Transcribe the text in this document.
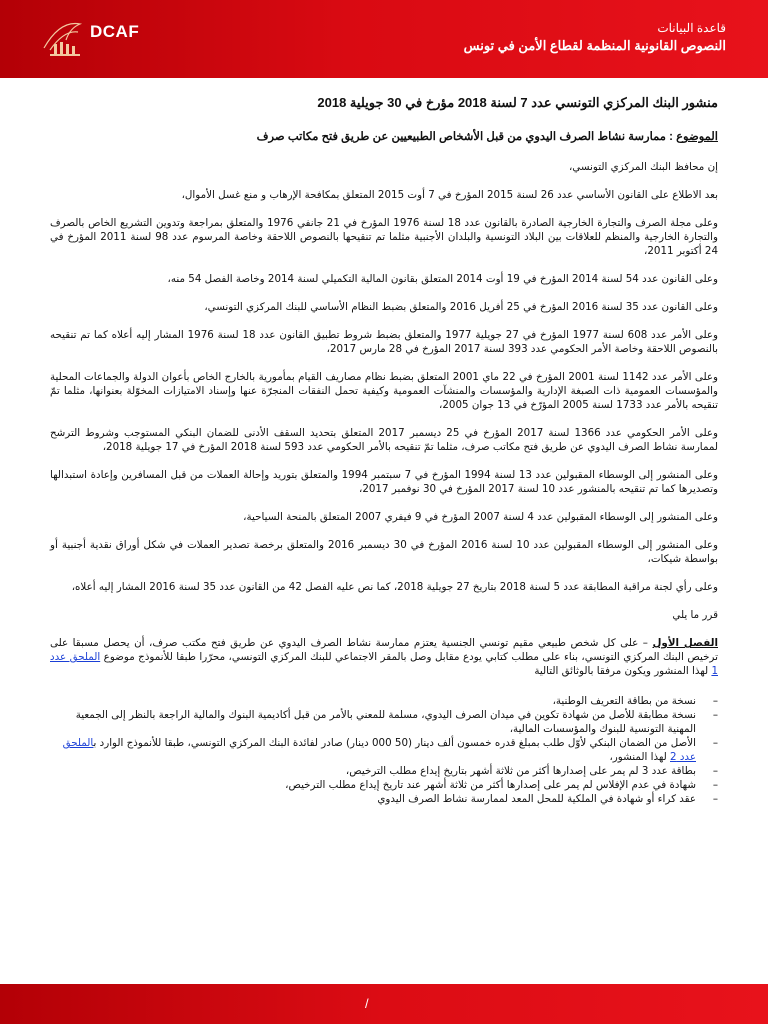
DCAF	قاعدة البيانات
النصوص القانونية المنظمة لقطاع الأمن في تونس
منشور البنك المركزي التونسي عدد 7 لسنة 2018 مؤرخ في 30 جويلية 2018
الموضوع : ممارسة نشاط الصرف اليدوي من قبل الأشخاص الطبيعيين عن طريق فتح مكاتب صرف

إن محافظ البنك المركزي التونسي،

بعد الاطلاع على القانون الأساسي عدد 26 لسنة 2015 المؤرخ في 7 أوت 2015 المتعلق بمكافحة الإرهاب و منع غسل الأموال،

وعلى مجلة الصرف والتجارة الخارجية الصادرة بالقانون عدد 18 لسنة 1976 المؤرخ في 21 جانفي 1976 والمتعلق بمراجعة وتدوين التشريع الخاص بالصرف والتجارة الخارجية والمنظم للعلاقات بين البلاد التونسية والبلدان الأجنبية مثلما تم تنقيحها بالنصوص اللاحقة وخاصة المرسوم عدد 98 لسنة 2011 المؤرخ في 24 أكتوبر 2011،

وعلى القانون عدد 54 لسنة 2014 المؤرخ في 19 أوت 2014 المتعلق بقانون المالية التكميلي لسنة 2014 وخاصة الفصل 54 منه،

وعلى القانون عدد 35 لسنة 2016 المؤرخ في 25 أفريل 2016 والمتعلق بضبط النظام الأساسي للبنك المركزي التونسي،

وعلى الأمر عدد 608 لسنة 1977 المؤرخ في 27 جويلية 1977 والمتعلق بضبط شروط تطبيق القانون عدد 18 لسنة 1976 المشار إليه أعلاه كما تم تنقيحه بالنصوص اللاحقة وخاصة الأمر الحكومي عدد 393 لسنة 2017 المؤرخ في 28 مارس 2017،

وعلى الأمر عدد 1142 لسنة 2001 المؤرخ في 22 ماي 2001 المتعلق بضبط نظام مصاريف القيام بمأمورية بالخارج الخاص بأعوان الدولة والجماعات المحلية والمؤسسات العمومية ذات الصبغة الإدارية والمؤسسات والمنشآت العمومية وكيفية تحمل النفقات المنجرّة عنها وإسناد الامتيازات المخوّلة بعنوانها، مثلما تمّ تنقيحه بالأمر عدد 1733 لسنة 2005 المؤرّخ في 13 جوان 2005،

وعلى الأمر الحكومي عدد 1366 لسنة 2017 المؤرخ في 25 ديسمبر 2017 المتعلق بتحديد السقف الأدنى للضمان البنكي المستوجب وشروط الترشح لممارسة نشاط الصرف اليدوي عن طريق فتح مكاتب صرف، مثلما تمّ تنقيحه بالأمر الحكومي عدد 593 لسنة 2018 المؤرخ في 17 جويلية 2018،

وعلى المنشور إلى الوسطاء المقبولين عدد 13 لسنة 1994 المؤرخ في 7 سبتمبر 1994 والمتعلق بتوريد وإحالة العملات من قبل المسافرين وإعادة استبدالها وتصديرها كما تم تنقيحه بالمنشور عدد 10 لسنة 2017 المؤرخ في 30 نوفمبر 2017،

وعلى المنشور إلى الوسطاء المقبولين عدد 4 لسنة 2007 المؤرخ في 9 فيفري 2007 المتعلق بالمنحة السياحية،

وعلى المنشور إلى الوسطاء المقبولين عدد 10 لسنة 2016 المؤرخ في 30 ديسمبر 2016 والمتعلق برخصة تصدير العملات في شكل أوراق نقدية أجنبية أو بواسطة شيكات،

وعلى رأي لجنة مراقبة المطابقة عدد 5 لسنة 2018 بتاريخ 27 جويلية 2018، كما نص عليه الفصل 42 من القانون عدد 35 لسنة 2016 المشار إليه أعلاه،

قرر ما يلي

الفصل الأول – على كل شخص طبيعي مقيم تونسي الجنسية يعتزم ممارسة نشاط الصرف اليدوي عن طريق فتح مكتب صرف، أن يحصل مسبقا على ترخيص البنك المركزي التونسي، بناء على مطلب كتابي يودع مقابل وصل بالمقر الاجتماعي للبنك المركزي التونسي، محرّرا طبقا للأنموذج موضوع الملحق عدد 1 لهذا المنشور ويكون مرفقا بالوثائق التالية

– نسخة من بطاقة التعريف الوطنية،
– نسخة مطابقة للأصل من شهادة تكوين في ميدان الصرف اليدوي، مسلمة للمعني بالأمر من قبل أكاديمية البنوك والمالية الراجعة بالنظر إلى الجمعية المهنية التونسية للبنوك والمؤسسات المالية،
– الأصل من الضمان البنكي لأوّل طلب بمبلغ قدره خمسون ألف دينار (50 000 دينار) صادر لفائدة البنك المركزي التونسي، طبقا للأنموذج الوارد بالملحق عدد 2 لهذا المنشور،
– بطاقة عدد 3 لم يمر على إصدارها أكثر من ثلاثة أشهر بتاريخ إيداع مطلب الترخيص،
– شهادة في عدم الإفلاس لم يمر على إصدارها أكثر من ثلاثة أشهر عند تاريخ إيداع مطلب الترخيص،
– عقد كراء أو شهادة في الملكية للمحل المعد لممارسة نشاط الصرف اليدوي
/
